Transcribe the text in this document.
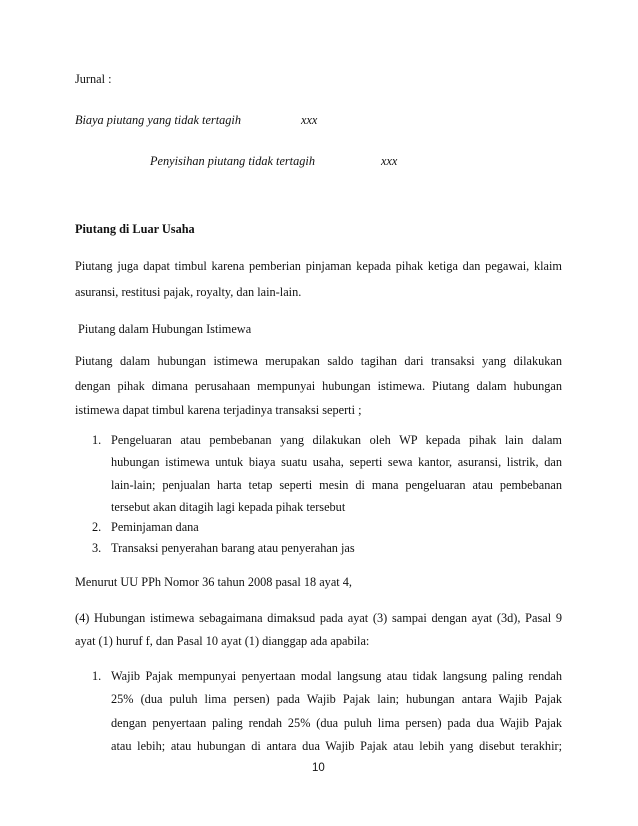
Jurnal :
Biaya piutang yang tidak tertagih	xxx
Penyisihan piutang tidak tertagih	xxx
Piutang di Luar Usaha
Piutang juga dapat timbul karena pemberian pinjaman kepada pihak ketiga dan pegawai, klaim
asuransi, restitusi pajak, royalty, dan lain-lain.
Piutang dalam Hubungan Istimewa
Piutang dalam hubungan istimewa merupakan saldo tagihan dari transaksi yang dilakukan
dengan pihak dimana perusahaan mempunyai hubungan istimewa. Piutang dalam hubungan
istimewa dapat timbul karena terjadinya transaksi seperti ;
1. Pengeluaran atau pembebanan yang dilakukan oleh WP kepada pihak lain dalam
hubungan istimewa untuk biaya suatu usaha, seperti sewa kantor, asuransi, listrik, dan
lain-lain; penjualan harta tetap seperti mesin di mana pengeluaran atau pembebanan
tersebut akan ditagih lagi kepada pihak tersebut
2. Peminjaman dana
3. Transaksi penyerahan barang atau penyerahan jas
Menurut UU PPh Nomor 36 tahun 2008 pasal 18 ayat 4,
(4) Hubungan istimewa sebagaimana dimaksud pada ayat (3) sampai dengan ayat (3d), Pasal 9
ayat (1) huruf f, dan Pasal 10 ayat (1) dianggap ada apabila:
1. Wajib Pajak mempunyai penyertaan modal langsung atau tidak langsung paling rendah
25% (dua puluh lima persen) pada Wajib Pajak lain; hubungan antara Wajib Pajak
dengan penyertaan paling rendah 25% (dua puluh lima persen) pada dua Wajib Pajak
atau lebih; atau hubungan di antara dua Wajib Pajak atau lebih yang disebut terakhir;
10
